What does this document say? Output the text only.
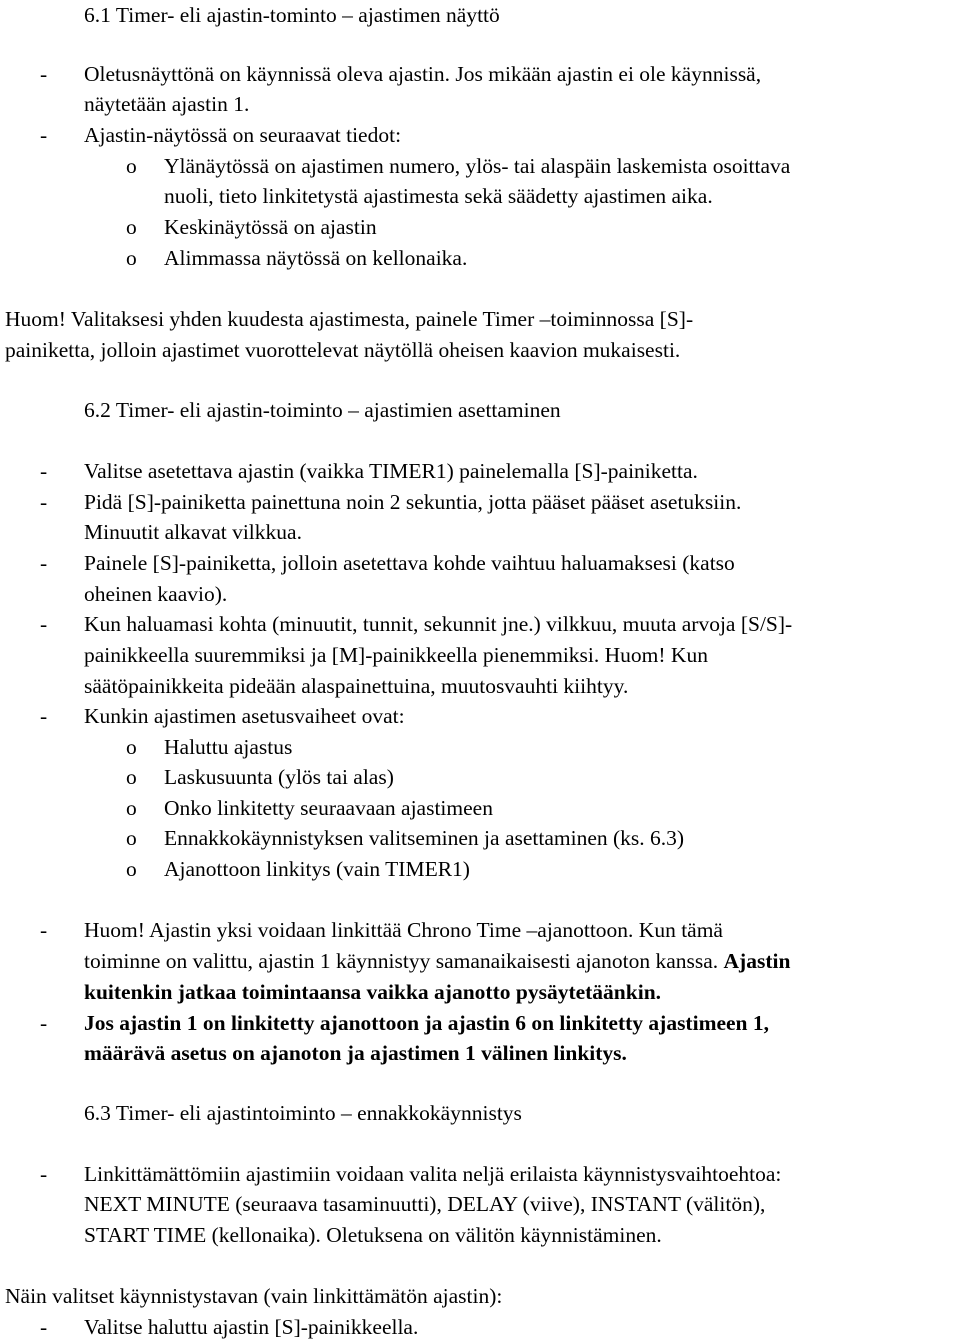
6.1 Timer- eli ajastin-tominto – ajastimen näyttö
- Oletusnäyttönä on käynnissä oleva ajastin. Jos mikään ajastin ei ole käynnissä,
näytetään ajastin 1.
- Ajastin-näytössä on seuraavat tiedot:
o Ylänäytössä on ajastimen numero, ylös- tai alaspäin laskemista osoittava
nuoli, tieto linkitetystä ajastimesta sekä säädetty ajastimen aika.
o Keskinäytössä on ajastin
o Alimmassa näytössä on kellonaika.
Huom! Valitaksesi yhden kuudesta ajastimesta, painele Timer –toiminnossa [S]-
painiketta, jolloin ajastimet vuorottelevat näytöllä oheisen kaavion mukaisesti.
6.2 Timer- eli ajastin-toiminto – ajastimien asettaminen
- Valitse asetettava ajastin (vaikka TIMER1) painelemalla [S]-painiketta.
- Pidä [S]-painiketta painettuna noin 2 sekuntia, jotta pääset pääset asetuksiin.
Minuutit alkavat vilkkua.
- Painele [S]-painiketta, jolloin asetettava kohde vaihtuu haluamaksesi (katso
oheinen kaavio).
- Kun haluamasi kohta (minuutit, tunnit, sekunnit jne.) vilkkuu, muuta arvoja [S/S]-
painikkeella suuremmiksi ja [M]-painikkeella pienemmiksi. Huom! Kun
säätöpainikkeita pideään alaspainettuina, muutosvauhti kiihtyy.
- Kunkin ajastimen asetusvaiheet ovat:
o Haluttu ajastus
o Laskusuunta (ylös tai alas)
o Onko linkitetty seuraavaan ajastimeen
o Ennakkokäynnistyksen valitseminen ja asettaminen (ks. 6.3)
o Ajanottoon linkitys (vain TIMER1)
- Huom! Ajastin yksi voidaan linkittää Chrono Time –ajanottoon. Kun tämä
toiminne on valittu, ajastin 1 käynnistyy samanaikaisesti ajanoton kanssa. Ajastin
kuitenkin jatkaa toimintaansa vaikka ajanotto pysäytetäänkin.
- Jos ajastin 1 on linkitetty ajanottoon ja ajastin 6 on linkitetty ajastimeen 1,
määrävä asetus on ajanoton ja ajastimen 1 välinen linkitys.
6.3 Timer- eli ajastintoiminto – ennakkokäynnistys
- Linkittämättömiin ajastimiin voidaan valita neljä erilaista käynnistysvaihtoehtoa:
NEXT MINUTE (seuraava tasaminuutti), DELAY (viive), INSTANT (välitön),
START TIME (kellonaika). Oletuksena on välitön käynnistäminen.
Näin valitset käynnistystavan (vain linkittämätön ajastin):
- Valitse haluttu ajastin [S]-painikkeella.
